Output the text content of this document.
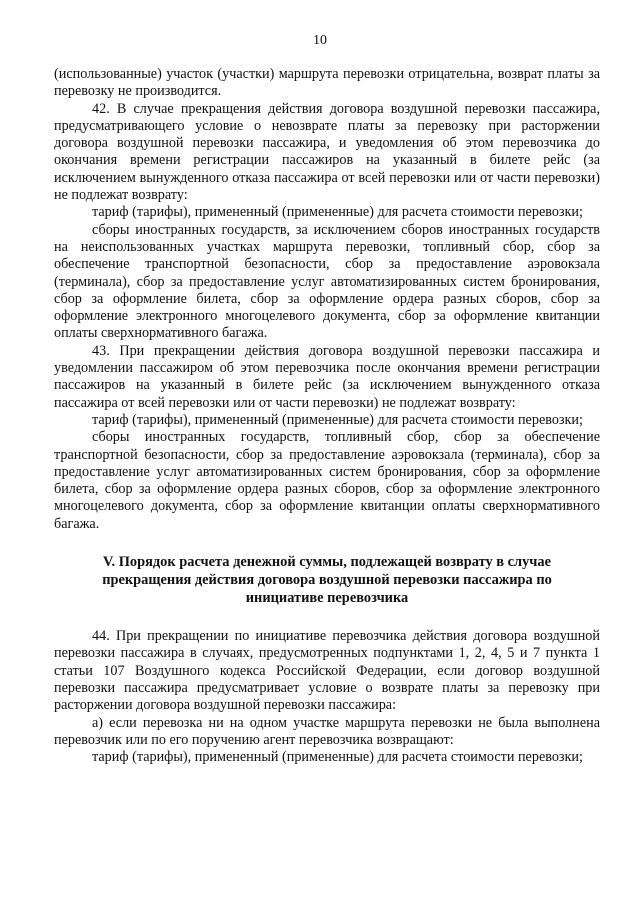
10

(использованные) участок (участки) маршрута перевозки отрицательна, возврат платы за перевозку не производится.

42. В случае прекращения действия договора воздушной перевозки пассажира, предусматривающего условие о невозврате платы за перевозку при расторжении договора воздушной перевозки пассажира, и уведомления об этом перевозчика до окончания времени регистрации пассажиров на указанный в билете рейс (за исключением вынужденного отказа пассажира от всей перевозки или от части перевозки) не подлежат возврату:

тариф (тарифы), примененный (примененные) для расчета стоимости перевозки;

сборы иностранных государств, за исключением сборов иностранных государств на неиспользованных участках маршрута перевозки, топливный сбор, сбор за обеспечение транспортной безопасности, сбор за предоставление аэровокзала (терминала), сбор за предоставление услуг автоматизированных систем бронирования, сбор за оформление билета, сбор за оформление ордера разных сборов, сбор за оформление электронного многоцелевого документа, сбор за оформление квитанции оплаты сверхнормативного багажа.

43. При прекращении действия договора воздушной перевозки пассажира и уведомлении пассажиром об этом перевозчика после окончания времени регистрации пассажиров на указанный в билете рейс (за исключением вынужденного отказа пассажира от всей перевозки или от части перевозки) не подлежат возврату:

тариф (тарифы), примененный (примененные) для расчета стоимости перевозки;

сборы иностранных государств, топливный сбор, сбор за обеспечение транспортной безопасности, сбор за предоставление аэровокзала (терминала), сбор за предоставление услуг автоматизированных систем бронирования, сбор за оформление билета, сбор за оформление ордера разных сборов, сбор за оформление электронного многоцелевого документа, сбор за оформление квитанции оплаты сверхнормативного багажа.

V. Порядок расчета денежной суммы, подлежащей возврату в случае прекращения действия договора воздушной перевозки пассажира по инициативе перевозчика

44. При прекращении по инициативе перевозчика действия договора воздушной перевозки пассажира в случаях, предусмотренных подпунктами 1, 2, 4, 5 и 7 пункта 1 статьи 107 Воздушного кодекса Российской Федерации, если договор воздушной перевозки пассажира предусматривает условие о возврате платы за перевозку при расторжении договора воздушной перевозки пассажира:

а) если перевозка ни на одном участке маршрута перевозки не была выполнена перевозчик или по его поручению агент перевозчика возвращают:

тариф (тарифы), примененный (примененные) для расчета стоимости перевозки;
